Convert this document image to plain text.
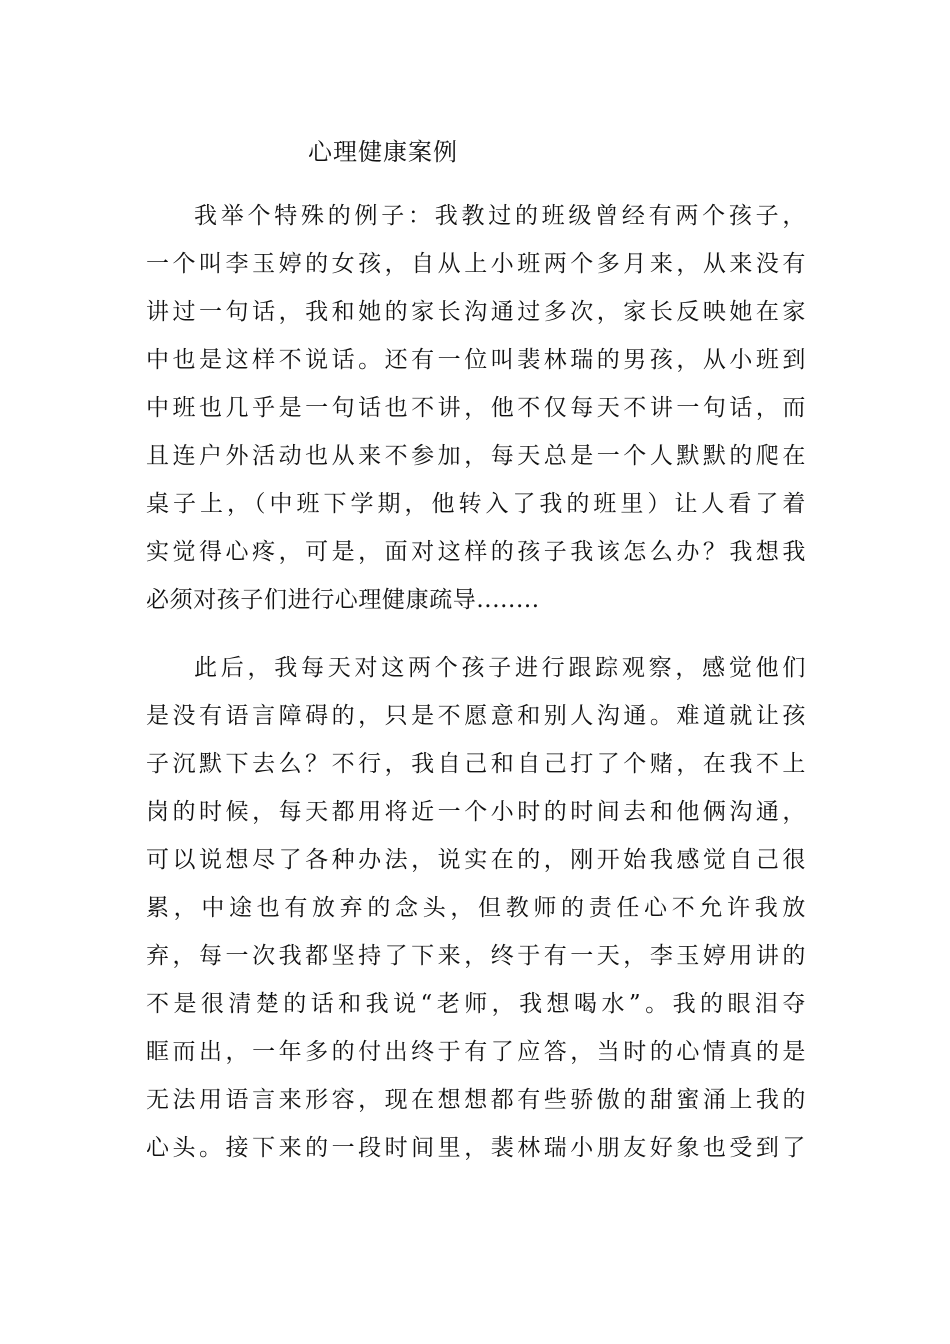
心理健康案例
我举个特殊的例子：我教过的班级曾经有两个孩子，
一个叫李玉婷的女孩，自从上小班两个多月来，从来没有
讲过一句话，我和她的家长沟通过多次，家长反映她在家
中也是这样不说话。还有一位叫裴林瑞的男孩，从小班到
中班也几乎是一句话也不讲，他不仅每天不讲一句话，而
且连户外活动也从来不参加，每天总是一个人默默的爬在
桌子上，（中班下学期，他转入了我的班里）让人看了着
实觉得心疼，可是，面对这样的孩子我该怎么办？我想我
必须对孩子们进行心理健康疏导........
此后，我每天对这两个孩子进行跟踪观察，感觉他们
是没有语言障碍的，只是不愿意和别人沟通。难道就让孩
子沉默下去么？不行，我自己和自己打了个赌，在我不上
岗的时候，每天都用将近一个小时的时间去和他俩沟通，
可以说想尽了各种办法，说实在的，刚开始我感觉自己很
累，中途也有放弃的念头，但教师的责任心不允许我放
弃，每一次我都坚持了下来，终于有一天，李玉婷用讲的
不是很清楚的话和我说“老师，我想喝水”。我的眼泪夺
眶而出，一年多的付出终于有了应答，当时的心情真的是
无法用语言来形容，现在想想都有些骄傲的甜蜜涌上我的
心头。接下来的一段时间里，裴林瑞小朋友好象也受到了
